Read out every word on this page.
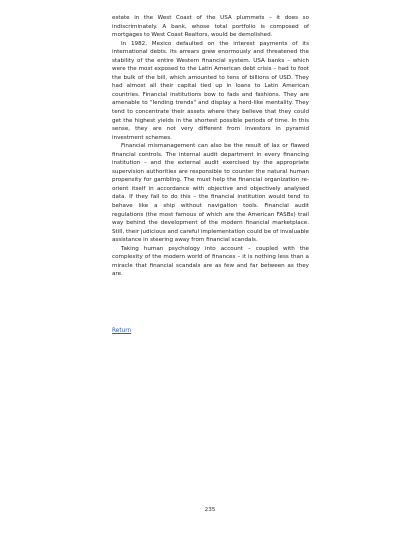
estate in the West Coast of the USA plummets – it does so indiscriminately. A bank, whose total portfolio is composed of mortgages to West Coast Realtors, would be demolished.

In 1982, Mexico defaulted on the interest payments of its international debts. Its arrears grew enormously and threatened the stability of the entire Western financial system. USA banks – which were the most exposed to the Latin American debt crisis – had to foot the bulk of the bill, which amounted to tens of billions of USD. They had almost all their capital tied up in loans to Latin American countries. Financial institutions bow to fads and fashions. They are amenable to "lending trends" and display a herd-like mentality. They tend to concentrate their assets where they believe that they could get the highest yields in the shortest possible periods of time. In this sense, they are not very different from investors in pyramid investment schemes.

Financial mismanagement can also be the result of lax or flawed financial controls. The internal audit department in every financing institution – and the external audit exercised by the appropriate supervision authorities are responsible to counter the natural human propensity for gambling. The must help the financial organization re-orient itself in accordance with objective and objectively analysed data. If they fail to do this – the financial institution would tend to behave like a ship without navigation tools. Financial audit regulations (the most famous of which are the American FASBs) trail way behind the development of the modern financial marketplace. Still, their judicious and careful implementation could be of invaluable assistance in steering away from financial scandals.

Taking human psychology into account – coupled with the complexity of the modern world of finances – it is nothing less than a miracle that financial scandals are as few and far between as they are.

Return
235
